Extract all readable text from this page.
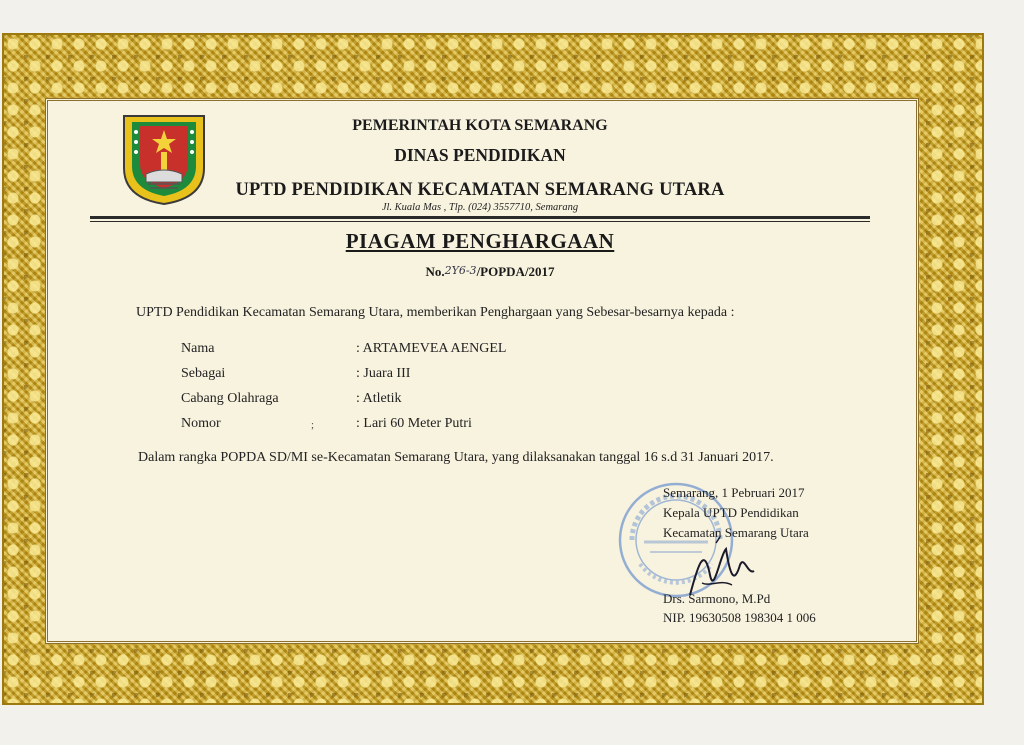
PEMERINTAH KOTA SEMARANG
DINAS PENDIDIKAN
UPTD PENDIDIKAN KECAMATAN SEMARANG UTARA
Jl. Kuala Mas , Tlp. (024) 3557710, Semarang
PIAGAM PENGHARGAAN
No.2Y6-3/POPDA/2017
UPTD Pendidikan Kecamatan Semarang Utara, memberikan Penghargaan yang Sebesar-besarnya kepada :
Nama	: ARTAMEVEA AENGEL
Sebagai	: Juara III
Cabang Olahraga	: Atletik
Nomor	: Lari 60 Meter Putri
;
Dalam rangka POPDA SD/MI se-Kecamatan Semarang Utara, yang dilaksanakan tanggal 16 s.d 31 Januari 2017.
Semarang, 1 Pebruari 2017
Kepala UPTD Pendidikan
Kecamatan Semarang Utara
Drs. Sarmono, M.Pd
NIP. 19630508 198304 1 006
